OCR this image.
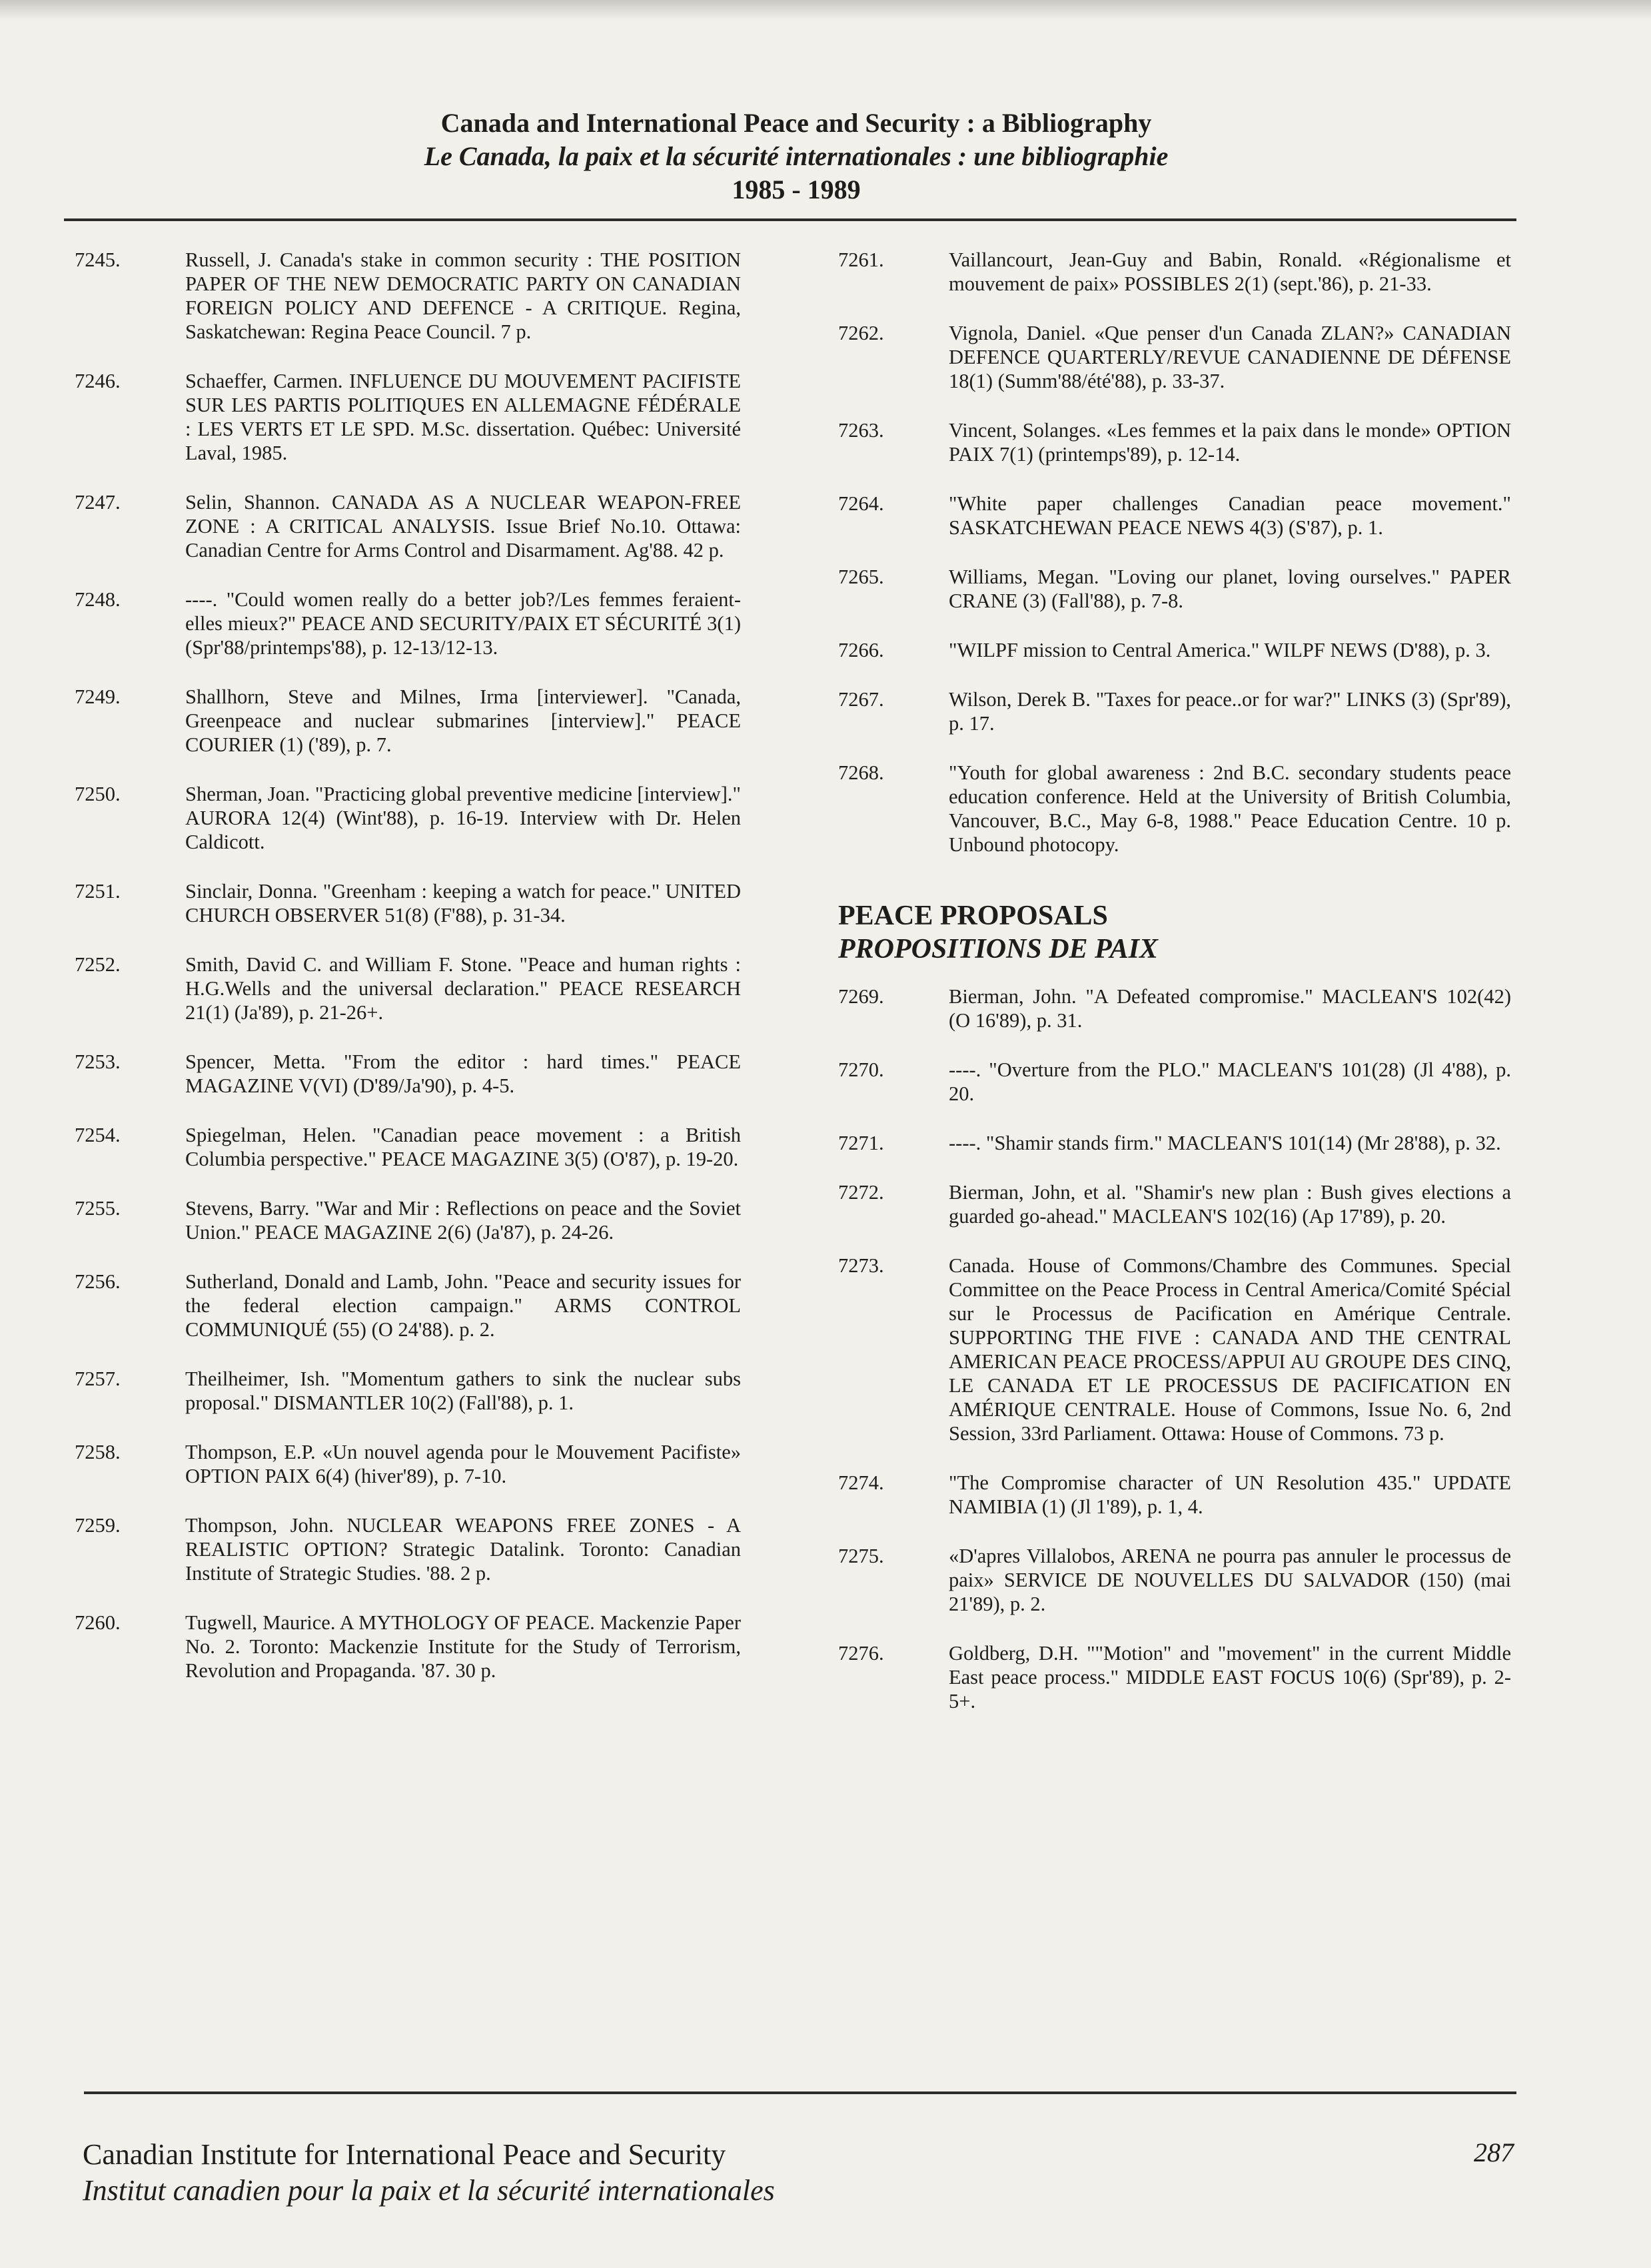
Canada and International Peace and Security : a Bibliography
Le Canada, la paix et la sécurité internationales : une bibliographie
1985 - 1989
7245.	Russell, J. Canada's stake in common security : THE POSITION PAPER OF THE NEW DEMOCRATIC PARTY ON CANADIAN FOREIGN POLICY AND DEFENCE - A CRITIQUE. Regina, Saskatchewan: Regina Peace Council. 7 p.
7246.	Schaeffer, Carmen. INFLUENCE DU MOUVEMENT PACIFISTE SUR LES PARTIS POLITIQUES EN ALLEMAGNE FÉDÉRALE : LES VERTS ET LE SPD. M.Sc. dissertation. Québec: Université Laval, 1985.
7247.	Selin, Shannon. CANADA AS A NUCLEAR WEAPON-FREE ZONE : A CRITICAL ANALYSIS. Issue Brief No.10. Ottawa: Canadian Centre for Arms Control and Disarmament. Ag'88. 42 p.
7248.	----. "Could women really do a better job?/Les femmes feraient-elles mieux?" PEACE AND SECURITY/PAIX ET SÉCURITÉ 3(1) (Spr'88/printemps'88), p. 12-13/12-13.
7249.	Shallhorn, Steve and Milnes, Irma [interviewer]. "Canada, Greenpeace and nuclear submarines [interview]." PEACE COURIER (1) ('89), p. 7.
7250.	Sherman, Joan. "Practicing global preventive medicine [interview]." AURORA 12(4) (Wint'88), p. 16-19. Interview with Dr. Helen Caldicott.
7251.	Sinclair, Donna. "Greenham : keeping a watch for peace." UNITED CHURCH OBSERVER 51(8) (F'88), p. 31-34.
7252.	Smith, David C. and William F. Stone. "Peace and human rights : H.G.Wells and the universal declaration." PEACE RESEARCH 21(1) (Ja'89), p. 21-26+.
7253.	Spencer, Metta. "From the editor : hard times." PEACE MAGAZINE V(VI) (D'89/Ja'90), p. 4-5.
7254.	Spiegelman, Helen. "Canadian peace movement : a British Columbia perspective." PEACE MAGAZINE 3(5) (O'87), p. 19-20.
7255.	Stevens, Barry. "War and Mir : Reflections on peace and the Soviet Union." PEACE MAGAZINE 2(6) (Ja'87), p. 24-26.
7256.	Sutherland, Donald and Lamb, John. "Peace and security issues for the federal election campaign." ARMS CONTROL COMMUNIQUÉ (55) (O 24'88). p. 2.
7257.	Theilheimer, Ish. "Momentum gathers to sink the nuclear subs proposal." DISMANTLER 10(2) (Fall'88), p. 1.
7258.	Thompson, E.P. «Un nouvel agenda pour le Mouvement Pacifiste» OPTION PAIX 6(4) (hiver'89), p. 7-10.
7259.	Thompson, John. NUCLEAR WEAPONS FREE ZONES - A REALISTIC OPTION? Strategic Datalink. Toronto: Canadian Institute of Strategic Studies. '88. 2 p.
7260.	Tugwell, Maurice. A MYTHOLOGY OF PEACE. Mackenzie Paper No. 2. Toronto: Mackenzie Institute for the Study of Terrorism, Revolution and Propaganda. '87. 30 p.
7261.	Vaillancourt, Jean-Guy and Babin, Ronald. «Régionalisme et mouvement de paix» POSSIBLES 2(1) (sept.'86), p. 21-33.
7262.	Vignola, Daniel. «Que penser d'un Canada ZLAN?» CANADIAN DEFENCE QUARTERLY/REVUE CANADIENNE DE DÉFENSE 18(1) (Summ'88/été'88), p. 33-37.
7263.	Vincent, Solanges. «Les femmes et la paix dans le monde» OPTION PAIX 7(1) (printemps'89), p. 12-14.
7264.	"White paper challenges Canadian peace movement." SASKATCHEWAN PEACE NEWS 4(3) (S'87), p. 1.
7265.	Williams, Megan. "Loving our planet, loving ourselves." PAPER CRANE (3) (Fall'88), p. 7-8.
7266.	"WILPF mission to Central America." WILPF NEWS (D'88), p. 3.
7267.	Wilson, Derek B. "Taxes for peace..or for war?" LINKS (3) (Spr'89), p. 17.
7268.	"Youth for global awareness : 2nd B.C. secondary students peace education conference. Held at the University of British Columbia, Vancouver, B.C., May 6-8, 1988." Peace Education Centre. 10 p. Unbound photocopy.
PEACE PROPOSALS
PROPOSITIONS DE PAIX
7269.	Bierman, John. "A Defeated compromise." MACLEAN'S 102(42) (O 16'89), p. 31.
7270.	----. "Overture from the PLO." MACLEAN'S 101(28) (Jl 4'88), p. 20.
7271.	----. "Shamir stands firm." MACLEAN'S 101(14) (Mr 28'88), p. 32.
7272.	Bierman, John, et al. "Shamir's new plan : Bush gives elections a guarded go-ahead." MACLEAN'S 102(16) (Ap 17'89), p. 20.
7273.	Canada. House of Commons/Chambre des Communes. Special Committee on the Peace Process in Central America/Comité Spécial sur le Processus de Pacification en Amérique Centrale. SUPPORTING THE FIVE : CANADA AND THE CENTRAL AMERICAN PEACE PROCESS/APPUI AU GROUPE DES CINQ, LE CANADA ET LE PROCESSUS DE PACIFICATION EN AMÉRIQUE CENTRALE. House of Commons, Issue No. 6, 2nd Session, 33rd Parliament. Ottawa: House of Commons. 73 p.
7274.	"The Compromise character of UN Resolution 435." UPDATE NAMIBIA (1) (Jl 1'89), p. 1, 4.
7275.	«D'apres Villalobos, ARENA ne pourra pas annuler le processus de paix» SERVICE DE NOUVELLES DU SALVADOR (150) (mai 21'89), p. 2.
7276.	Goldberg, D.H. ""Motion" and "movement" in the current Middle East peace process." MIDDLE EAST FOCUS 10(6) (Spr'89), p. 2-5+.
Canadian Institute for International Peace and Security
Institut canadien pour la paix et la sécurité internationales
287
